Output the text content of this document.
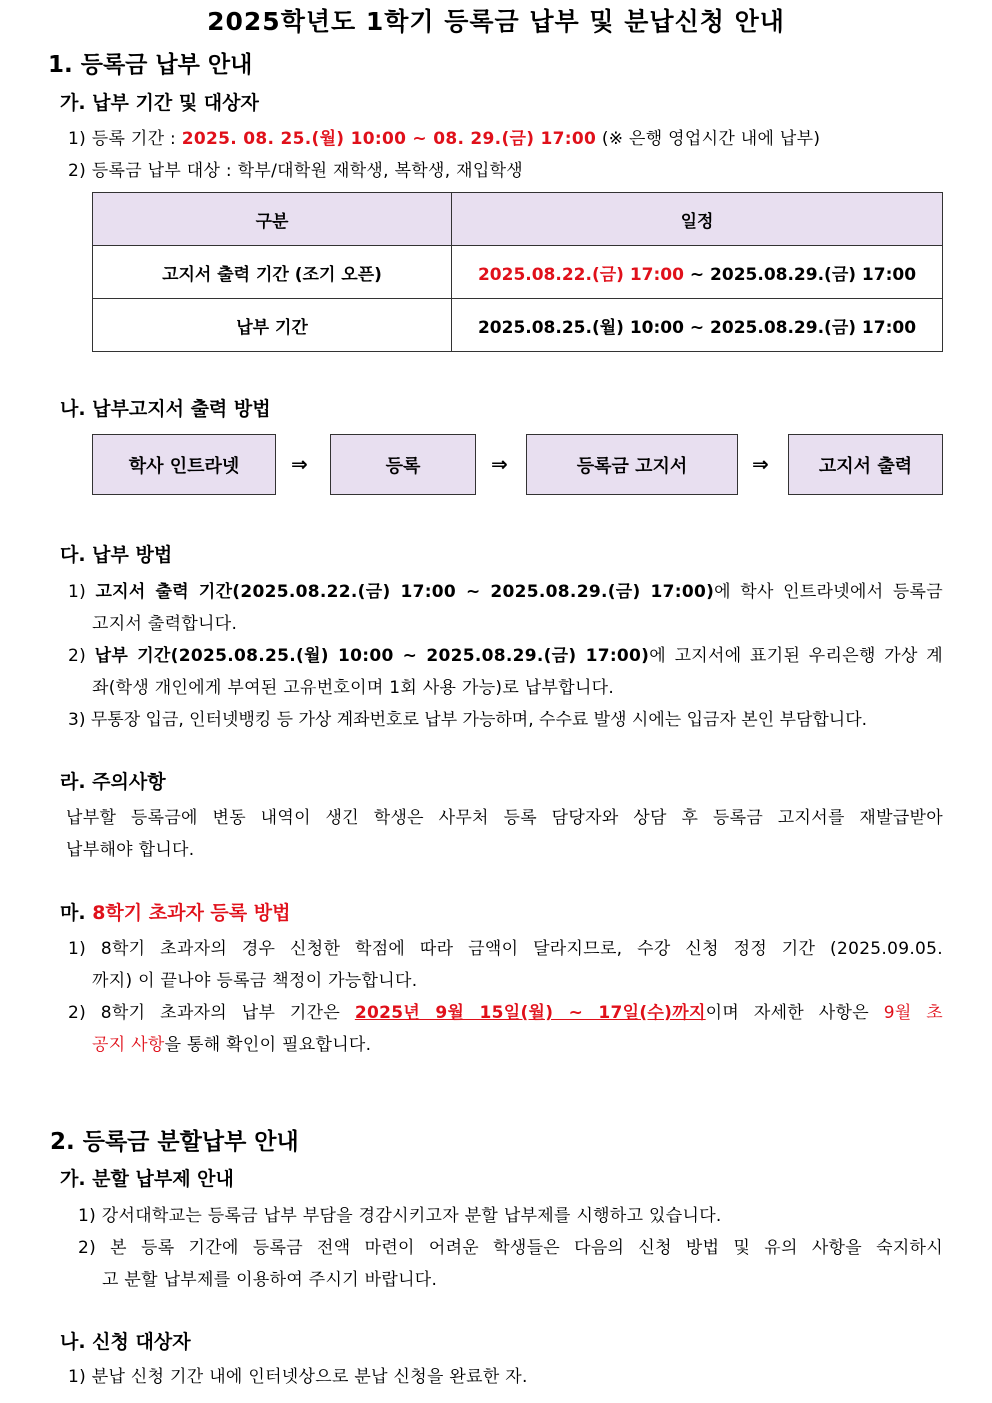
2025학년도 1학기 등록금 납부 및 분납신청 안내
1. 등록금 납부 안내
가. 납부 기간 및 대상자
1) 등록 기간 : 2025. 08. 25.(월) 10:00 ~ 08. 29.(금) 17:00 (※ 은행 영업시간 내에 납부)
2) 등록금 납부 대상 : 학부/대학원 재학생, 복학생, 재입학생
구분	일정
고지서 출력 기간 (조기 오픈)	2025.08.22.(금) 17:00 ~ 2025.08.29.(금) 17:00
납부 기간	2025.08.25.(월) 10:00 ~ 2025.08.29.(금) 17:00
나. 납부고지서 출력 방법
학사 인트라넷	⇒	등록	⇒	등록금 고지서	⇒	고지서 출력
다. 납부 방법
1) 고지서 출력 기간(2025.08.22.(금) 17:00 ~ 2025.08.29.(금) 17:00)에 학사 인트라넷에서 등록금
고지서 출력합니다.
2) 납부 기간(2025.08.25.(월) 10:00 ~ 2025.08.29.(금) 17:00)에 고지서에 표기된 우리은행 가상 계
좌(학생 개인에게 부여된 고유번호이며 1회 사용 가능)로 납부합니다.
3) 무통장 입금, 인터넷뱅킹 등 가상 계좌번호로 납부 가능하며, 수수료 발생 시에는 입금자 본인 부담합니다.
라. 주의사항
납부할 등록금에 변동 내역이 생긴 학생은 사무처 등록 담당자와 상담 후 등록금 고지서를 재발급받아
납부해야 합니다.
마. 8학기 초과자 등록 방법
1) 8학기 초과자의 경우 신청한 학점에 따라 금액이 달라지므로, 수강 신청 정정 기간 (2025.09.05.
까지) 이 끝나야 등록금 책정이 가능합니다.
2) 8학기 초과자의 납부 기간은 2025년 9월 15일(월) ~ 17일(수)까지이며 자세한 사항은 9월 초
공지 사항을 통해 확인이 필요합니다.
2. 등록금 분할납부 안내
가. 분할 납부제 안내
1) 강서대학교는 등록금 납부 부담을 경감시키고자 분할 납부제를 시행하고 있습니다.
2) 본 등록 기간에 등록금 전액 마련이 어려운 학생들은 다음의 신청 방법 및 유의 사항을 숙지하시
고 분할 납부제를 이용하여 주시기 바랍니다.
나. 신청 대상자
1) 분납 신청 기간 내에 인터넷상으로 분납 신청을 완료한 자.
